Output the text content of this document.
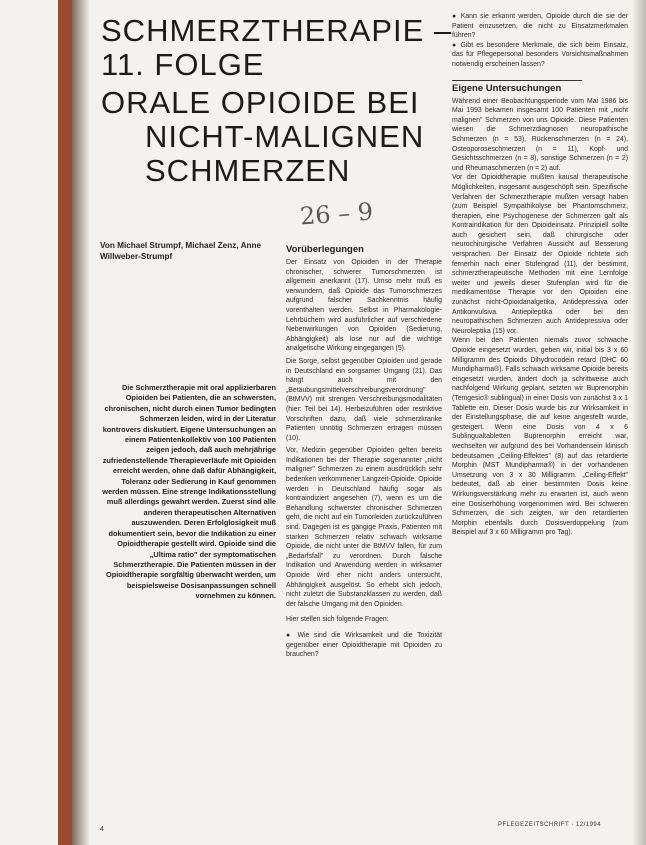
SCHMERZTHERAPIE –
11. FOLGE
ORALE OPIOIDE BEI
NICHT-MALIGNEN
SCHMERZEN
26 – 9
Von Michael Strumpf, Michael Zenz, Anne Willweber-Strumpf
Die Schmerztherapie mit oral applizierbaren Opioiden bei Patienten, die an schwersten, chronischen, nicht durch einen Tumor bedingten Schmerzen leiden, wird in der Literatur kontrovers diskutiert. Eigene Untersuchungen an einem Patientenkollektiv von 100 Patienten zeigen jedoch, daß auch mehrjährige zufriedenstellende Therapieverläufe mit Opioiden erreicht werden, ohne daß dafür Abhängigkeit, Toleranz oder Sedierung in Kauf genommen werden müssen. Eine strenge Indikationsstellung muß allerdings gewahrt werden. Zuerst sind alle anderen therapeutischen Alternativen auszuwenden. Deren Erfolglosigkeit muß dokumentiert sein, bevor die Indikation zu einer Opioidtherapie gestellt wird. Opioide sind die „Ultima ratio" der symptomatischen Schmerztherapie. Die Patienten müssen in der Opioidtherapie sorgfältig überwacht werden, um beispielsweise Dosisanpassungen schnell vornehmen zu können.
Vorüberlegungen

Der Einsatz von Opioiden in der Therapie chronischer, schwerer Tumorschmerzen ist allgemein anerkannt (17). Umso mehr muß es verwundern, daß Opioide das Tumorschmerzes aufgrund falscher Sachkenntnis häufig vorenthalten werden. Selbst in Pharmakologie-Lehrbüchern wird ausführlicher auf verschiedene Nebenwirkungen von Opioiden (Sedierung, Abhängigkeit) als lose nur auf die wichtige analgetische Wirkung eingegangen (5).

Die Sorge, selbst gegenüber Opioiden und gerade in Deutschland ein sorgsamer Umgang (21). Das hängt auch mit den „Betäubungsmittelverschreibungsverordnung" (BtMVV) mit strengen Verschreibungsmodalitäten (hier: Teil bei 14). Herbeizuführen oder restriktive Vorschriften dazu, daß viele schmerzkranke Patienten unnötig Schmerzen ertragen müssen (10).

Vor, Medizin gegenüber Opioiden gelten bereits Indikationen bei der Therapie sogenannter „nicht maligner" Schmerzen zu einem ausdrücklich sehr bedenken verkommener Langzeit-Opioide. Opioide werden in Deutschland häufig sogar als kontraindiziert angesehen (7), wenn es um die Behandlung schwerster chronischer Schmerzen geht, die nicht auf ein Tumorleiden zurückzuführen sind. Dagegen ist es gängige Praxis, Patienten mit starken Schmerzen relativ schwach wirksame Opioide, die nicht unter die BtMVV fallen, für zum „Bedarfsfall" zu verordnen. Durch falsche Indikation und Anwendung werden in wirksamer Opioide wird eher nicht anders untersucht, Abhängigkeit ausgelöst. So erhebt sich jedoch, nicht zuletzt die Substanzklassen zu werden, daß der falsche Umgang mit den Opioiden.

Hier stellen sich folgende Fragen:

● Wie sind die Wirksamkeit und die Toxizität gegenüber einer Opioidtherapie mit Opioiden zu brauchen?

● Kann sie erkannt werden, Opioide durch die sie der Patient einzusetzen, die nicht zu Einsatzmerkmalen führen?

● Gibt es besondere Merkmale, die sich beim Einsatz, das für Pflegepersonal besonders Vorsichtsmaßnahmen notwendig erscheinen lassen?

Eigene Untersuchungen

Während einer Beobachtungsperiode vom Mai 1986 bis Mai 1993 bekamen insgesamt 100 Patienten mit „nicht malignen" Schmerzen von uns Opioide. Diese Patienten wiesen die Schmerzdiagnosen neuropathische Schmerzen (n = 53), Rückenschmerzen (n = 24), Osteoporoseschmerzen (n = 11), Kopf- und Gesichtsschmerzen (n = 8), sonstige Schmerzen (n = 2) und Rheumaschmerzen (n = 2) auf.

Vor der Opioidtherapie mußten kausal therapeutische Möglichkeiten, insgesamt ausgeschöpft sein. Spezifische Verfahren der Schmerztherapie mußten versagt haben (zum Beispiel Sympathikolyse bei Phantomschmerz, therapien, eine Psychogenese der Schmerzen galt als Kontraindikation für den Opioideinsatz. Prinzipiell sollte auch gesichert sein, daß chirurgische oder neurochirurgische Verfahren Aussicht auf Besserung versprachen. Der Einsatz der Opioide richtete sich fernerhin nach einer Stufengrad (11), der bestimmt, schmerztherapeutische Methoden mit eine Lernfolge weiter und jeweils dieser Stufenplan wird für die medikamentöse Therapie vor den Opioiden eine zunächst nicht-Opioidanalgetika, Antidepressiva oder Antikonvulsiva. Antiepileptika oder bei den neuropathischen Schmerzen auch Antidepressiva oder Neuroleptika (15) vor.

Wenn bei den Patienten niemals zuvor schwache Opioide eingesetzt wurden, geben wir, initial bis 3 x 60 Milligramm des Opioids Dihydrocodein retard (DHC 60 Mundipharma®). Falls schwach wirksame Opioide bereits eingesetzt wurden, ändert doch ja schrittweise auch nachfolgend Wirkung geplant, setzten wir Buprenorphin (Temgesic® sublingual) in einer Dosis von zunächst 3 x 1 Tablette ein. Dieser Dosis wurde bis zur Wirksamkeit in der Einstellungsphase, die auf keine angestellt wurde, gesteigert. Wenn eine Dosis von 4 x 6 Sublingualtabletten Buprenorphin erreicht war, wechselten wir aufgrund des bei Vorhandensein klinisch bedeutsamen „Ceiling-Effektes" (8) auf das retardierte Morphin (MST Mundipharma®) in der vorhandenen Umsetzung von 3 x 30 Milligramm. „Ceiling-Effekt" bedeutet, daß ab einer bestimmten Dosis keine Wirkungsverstärkung mehr zu erwarten ist, auch wenn eine Dosiserhöhung vorgenommen wird. Bei schweren Schmerzen, die sich zeigten, wir den retardierten Morphin ebenfalls durch Dosisverdoppelung (zum Beispiel auf 3 x 60 Milligramm pro Tag).

4
PFLEGEZEITSCHRIFT · 12/1994
